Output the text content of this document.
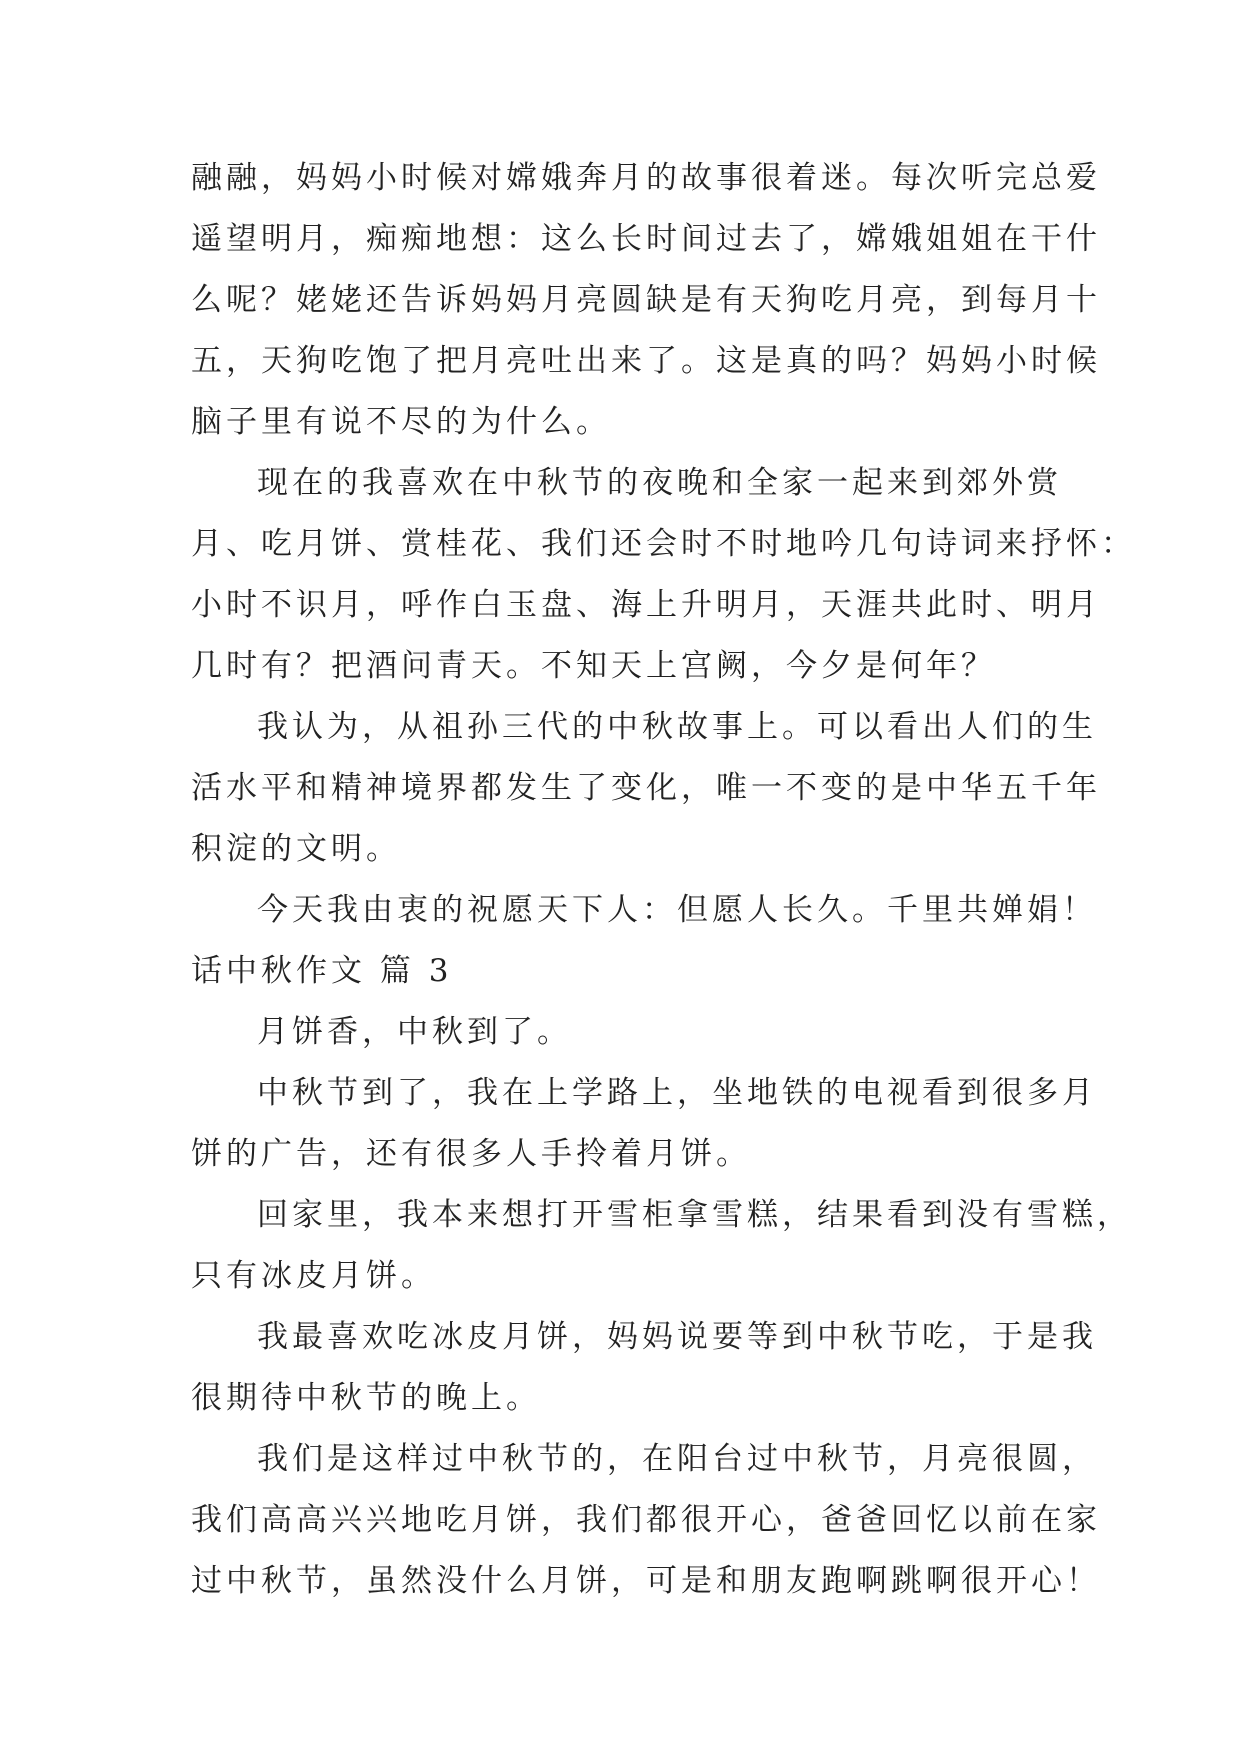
融融，妈妈小时候对嫦娥奔月的故事很着迷。每次听完总爱
遥望明月，痴痴地想：这么长时间过去了，嫦娥姐姐在干什
么呢？姥姥还告诉妈妈月亮圆缺是有天狗吃月亮，到每月十
五，天狗吃饱了把月亮吐出来了。这是真的吗？妈妈小时候
脑子里有说不尽的为什么。
现在的我喜欢在中秋节的夜晚和全家一起来到郊外赏
月、吃月饼、赏桂花、我们还会时不时地吟几句诗词来抒怀：
小时不识月，呼作白玉盘、海上升明月，天涯共此时、明月
几时有？把酒问青天。不知天上宫阙，今夕是何年？
我认为，从祖孙三代的中秋故事上。可以看出人们的生
活水平和精神境界都发生了变化，唯一不变的是中华五千年
积淀的文明。
今天我由衷的祝愿天下人：但愿人长久。千里共婵娟！
话中秋作文 篇 3
月饼香，中秋到了。
中秋节到了，我在上学路上，坐地铁的电视看到很多月
饼的广告，还有很多人手拎着月饼。
回家里，我本来想打开雪柜拿雪糕，结果看到没有雪糕，
只有冰皮月饼。
我最喜欢吃冰皮月饼，妈妈说要等到中秋节吃，于是我
很期待中秋节的晚上。
我们是这样过中秋节的，在阳台过中秋节，月亮很圆，
我们高高兴兴地吃月饼，我们都很开心，爸爸回忆以前在家
过中秋节，虽然没什么月饼，可是和朋友跑啊跳啊很开心！
